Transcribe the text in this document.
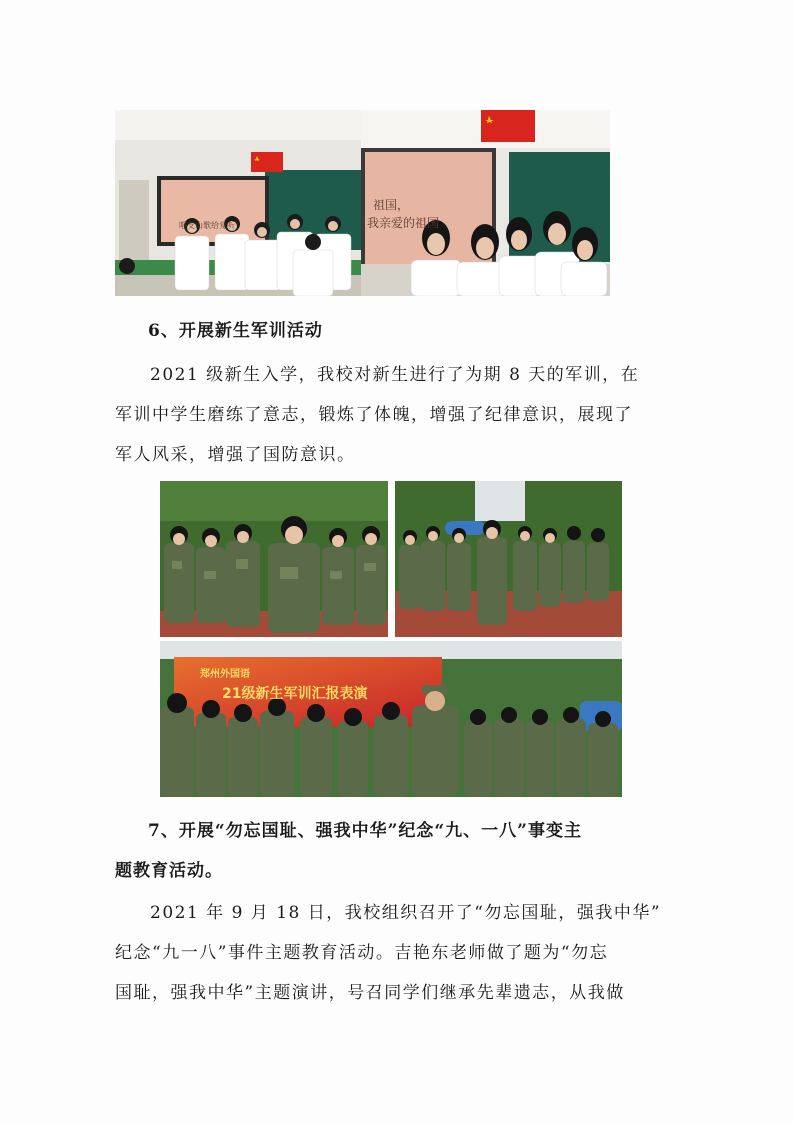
唱支山歌给党听
祖国，
我亲爱的祖国
6、开展新生军训活动
2021 级新生入学，我校对新生进行了为期 8 天的军训，在
军训中学生磨练了意志，锻炼了体魄，增强了纪律意识，展现了
军人风采，增强了国防意识。
郑州外国语
21级新生军训汇报表演
7、开展“勿忘国耻、强我中华”纪念“九、一八”事变主
题教育活动。
2021 年 9 月 18 日，我校组织召开了“勿忘国耻，强我中华”
纪念“九一八”事件主题教育活动。吉艳东老师做了题为“勿忘
国耻，强我中华”主题演讲，号召同学们继承先辈遗志，从我做
